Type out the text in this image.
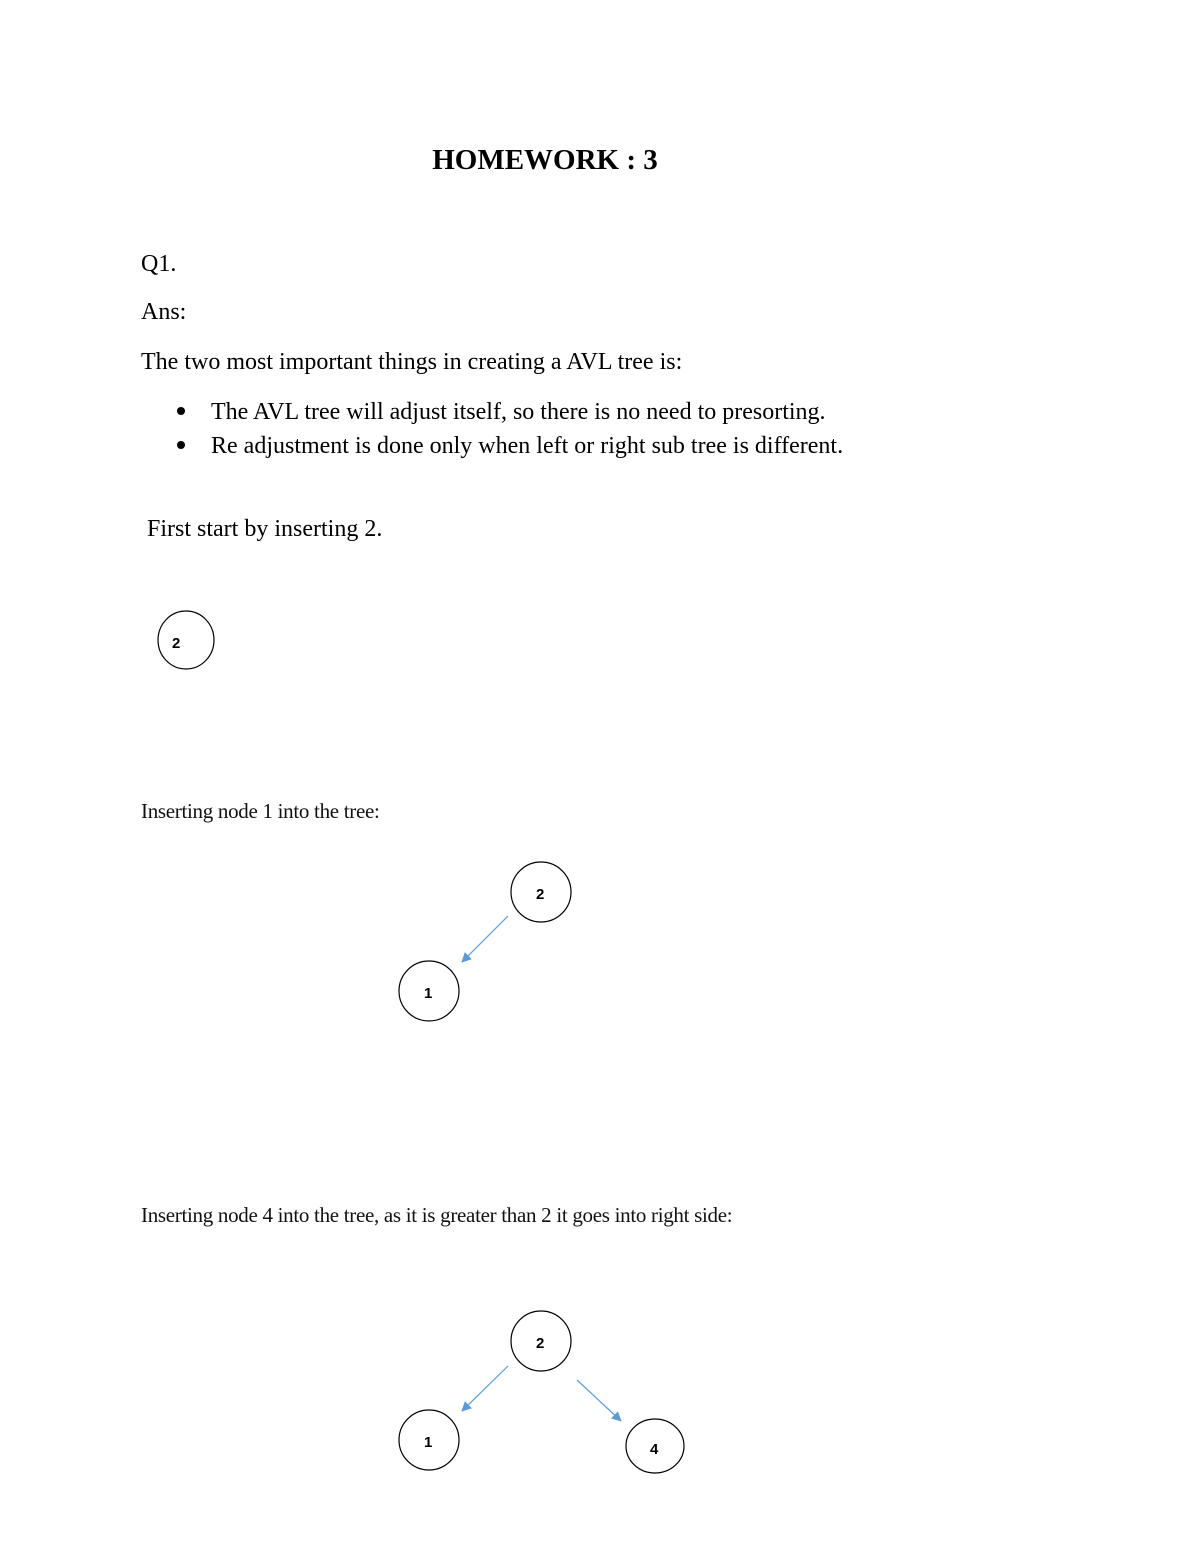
HOMEWORK : 3
Q1.
Ans:
The two most important things in creating a AVL tree is:
The AVL tree will adjust itself, so there is no need to presorting.
Re adjustment is done only when left or right sub tree is different.
First start by inserting 2.
Inserting node 1 into the tree:
Inserting node 4 into the tree, as it is greater than 2 it goes into right side:
2
2
1
2
1	4
